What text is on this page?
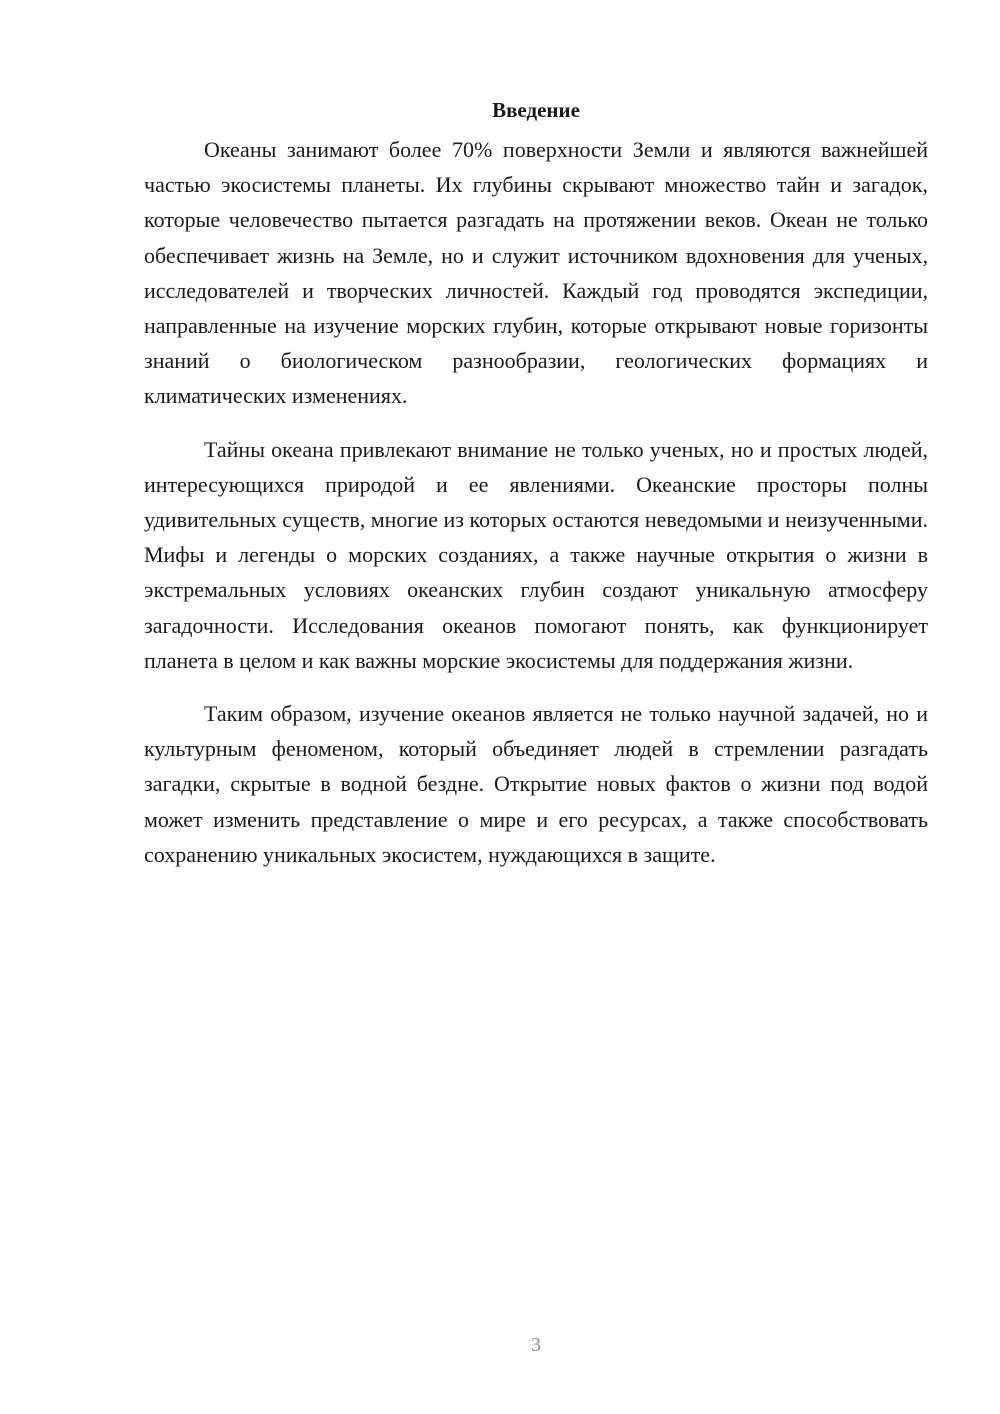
Введение

Океаны занимают более 70% поверхности Земли и являются важнейшей частью экосистемы планеты. Их глубины скрывают множество тайн и загадок, которые человечество пытается разгадать на протяжении веков. Океан не только обеспечивает жизнь на Земле, но и служит источником вдохновения для ученых, исследователей и творческих личностей. Каждый год проводятся экспедиции, направленные на изучение морских глубин, которые открывают новые горизонты знаний о биологическом разнообразии, геологических формациях и климатических изменениях.

Тайны океана привлекают внимание не только ученых, но и простых людей, интересующихся природой и ее явлениями. Океанские просторы полны удивительных существ, многие из которых остаются неведомыми и неизученными. Мифы и легенды о морских созданиях, а также научные открытия о жизни в экстремальных условиях океанских глубин создают уникальную атмосферу загадочности. Исследования океанов помогают понять, как функционирует планета в целом и как важны морские экосистемы для поддержания жизни.

Таким образом, изучение океанов является не только научной задачей, но и культурным феноменом, который объединяет людей в стремлении разгадать загадки, скрытые в водной бездне. Открытие новых фактов о жизни под водой может изменить представление о мире и его ресурсах, а также способствовать сохранению уникальных экосистем, нуждающихся в защите.

3
